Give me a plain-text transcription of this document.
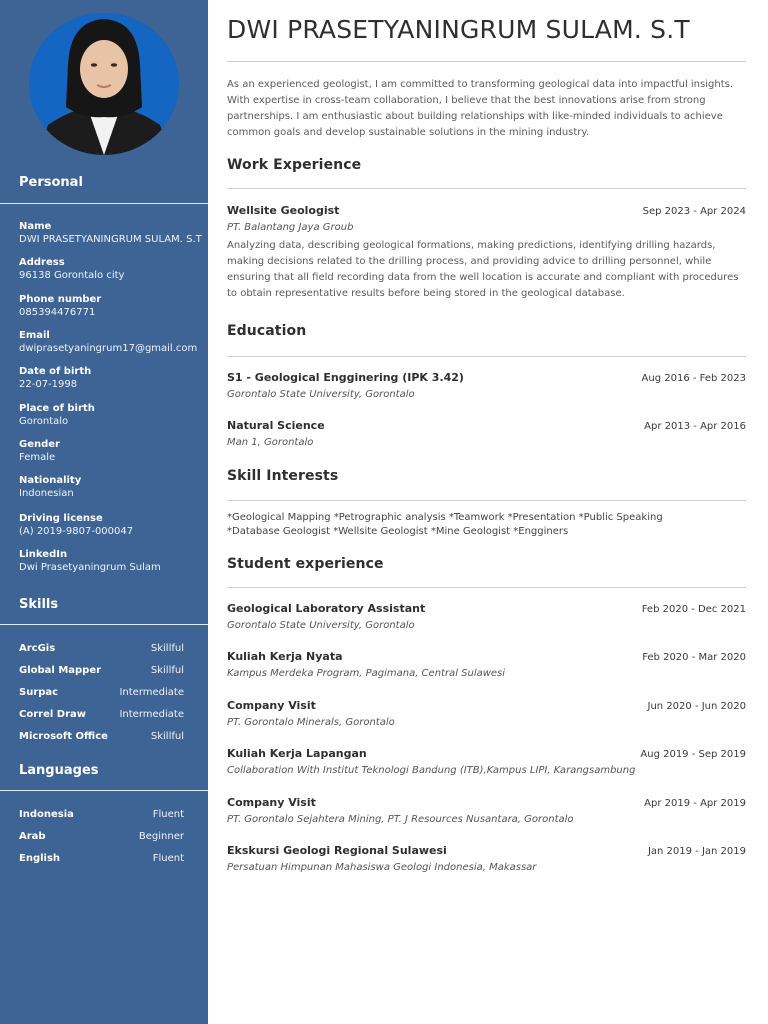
Personal
Name
DWI PRASETYANINGRUM SULAM. S.T
Address
96138 Gorontalo city
Phone number
085394476771
Email
dwiprasetyaningrum17@gmail.com
Date of birth
22-07-1998
Place of birth
Gorontalo
Gender
Female
Nationality
Indonesian
Driving license
(A) 2019-9807-000047
LinkedIn
Dwi Prasetyaningrum Sulam
Skills
ArcGis	Skillful
Global Mapper	Skillful
Surpac	Intermediate
Correl Draw	Intermediate
Microsoft Office	Skillful
Languages
Indonesia	Fluent
Arab	Beginner
English	Fluent
DWI PRASETYANINGRUM SULAM. S.T
As an experienced geologist, I am committed to transforming geological data into impactful insights. With expertise in cross-team collaboration, I believe that the best innovations arise from strong partnerships. I am enthusiastic about building relationships with like-minded individuals to achieve common goals and develop sustainable solutions in the mining industry.
Work Experience
Wellsite Geologist	Sep 2023 - Apr 2024
PT. Balantang Jaya Groub
Analyzing data, describing geological formations, making predictions, identifying drilling hazards, making decisions related to the drilling process, and providing advice to drilling personnel, while ensuring that all field recording data from the well location is accurate and compliant with procedures to obtain representative results before being stored in the geological database.
Education
S1 - Geological Engginering (IPK 3.42)	Aug 2016 - Feb 2023
Gorontalo State University, Gorontalo
Natural Science	Apr 2013 - Apr 2016
Man 1, Gorontalo
Skill Interests
*Geological Mapping *Petrographic analysis *Teamwork *Presentation *Public Speaking
*Database Geologist *Wellsite Geologist *Mine Geologist *Engginers
Student experience
Geological Laboratory Assistant	Feb 2020 - Dec 2021
Gorontalo State University, Gorontalo
Kuliah Kerja Nyata	Feb 2020 - Mar 2020
Kampus Merdeka Program, Pagimana, Central Sulawesi
Company Visit	Jun 2020 - Jun 2020
PT. Gorontalo Minerals, Gorontalo
Kuliah Kerja Lapangan	Aug 2019 - Sep 2019
Collaboration With Institut Teknologi Bandung (ITB),Kampus LIPI, Karangsambung
Company Visit	Apr 2019 - Apr 2019
PT. Gorontalo Sejahtera Mining, PT. J Resources Nusantara, Gorontalo
Ekskursi Geologi Regional Sulawesi	Jan 2019 - Jan 2019
Persatuan Himpunan Mahasiswa Geologi Indonesia, Makassar
